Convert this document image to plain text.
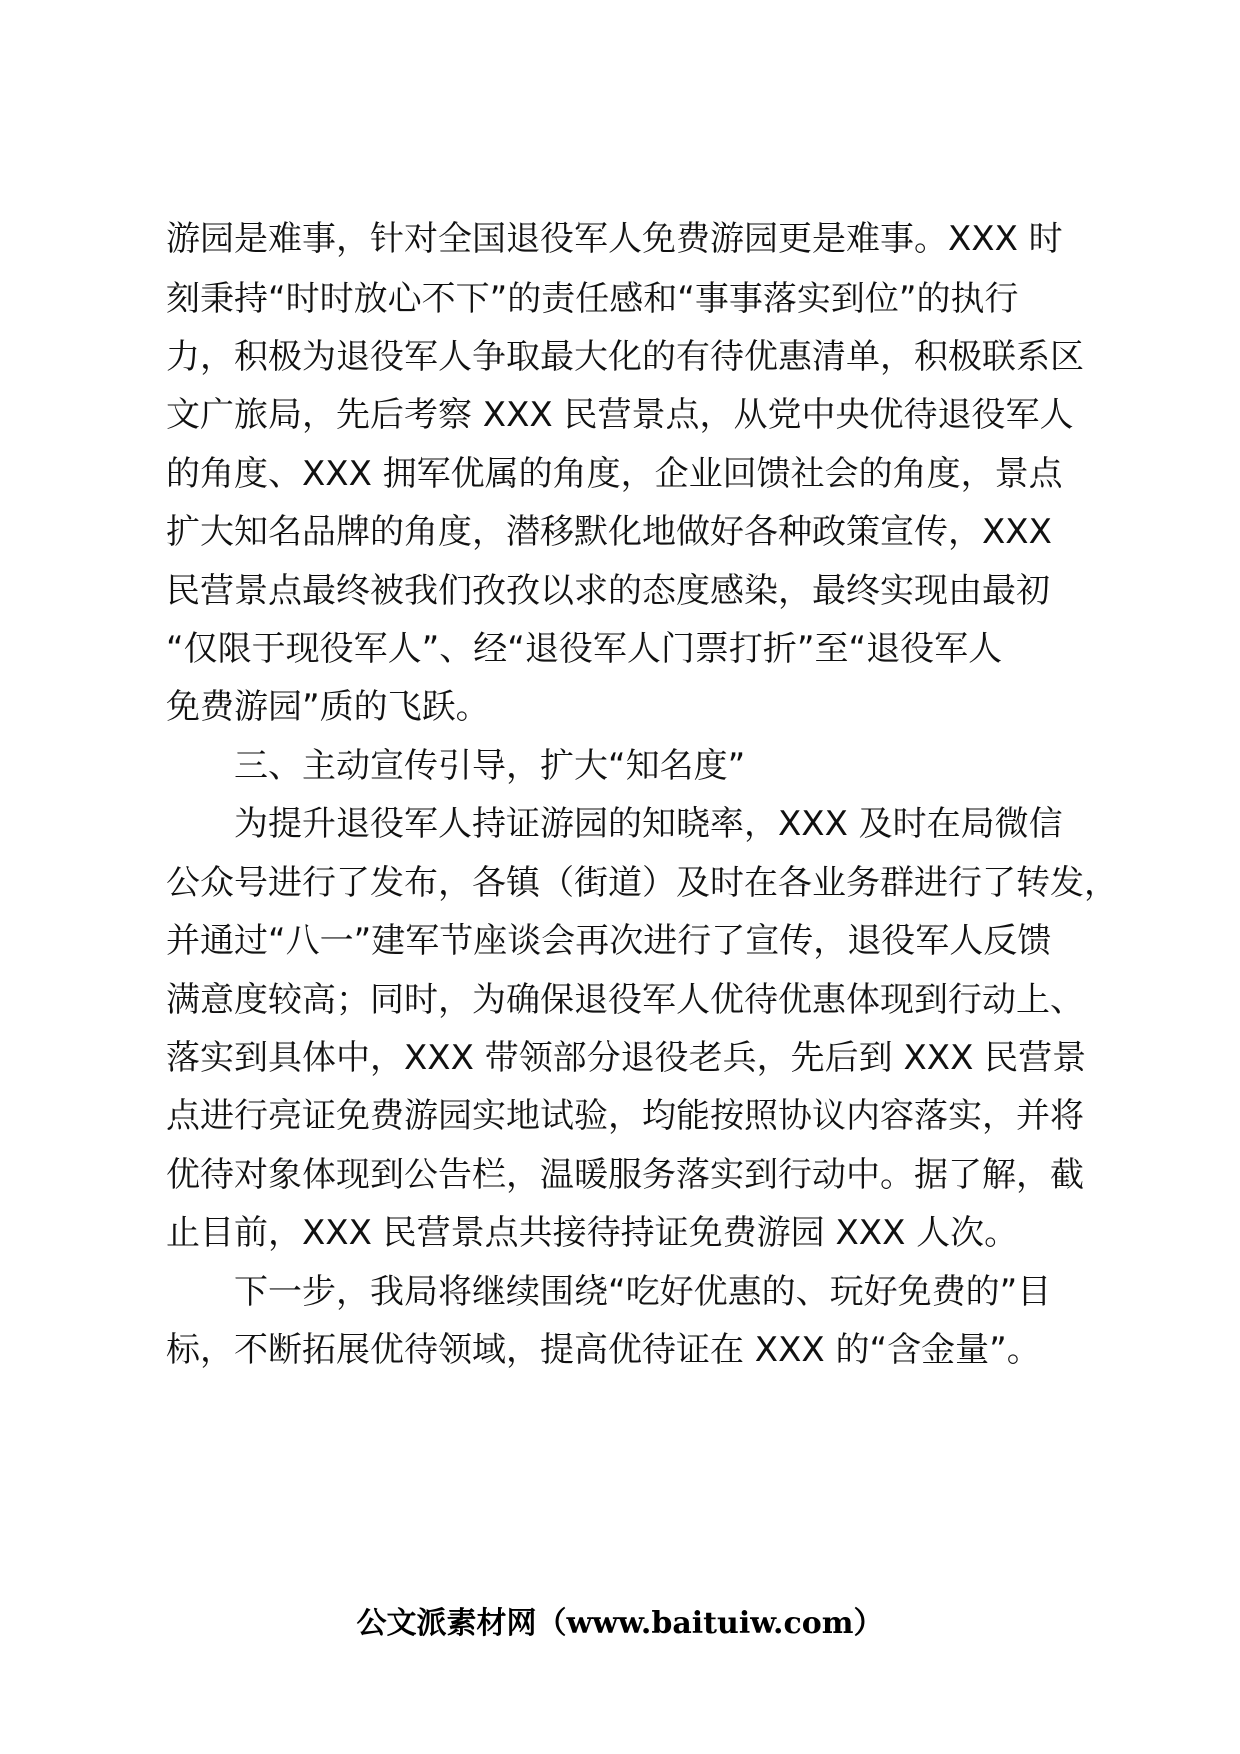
游园是难事，针对全国退役军人免费游园更是难事。XXX 时
刻秉持“时时放心不下”的责任感和“事事落实到位”的执行
力，积极为退役军人争取最大化的有待优惠清单，积极联系区
文广旅局，先后考察 XXX 民营景点，从党中央优待退役军人
的角度、XXX 拥军优属的角度，企业回馈社会的角度，景点
扩大知名品牌的角度，潜移默化地做好各种政策宣传，XXX
民营景点最终被我们孜孜以求的态度感染，最终实现由最初
“仅限于现役军人”、经“退役军人门票打折”至“退役军人
免费游园”质的飞跃。
三、主动宣传引导，扩大“知名度”
为提升退役军人持证游园的知晓率，XXX 及时在局微信
公众号进行了发布，各镇（街道）及时在各业务群进行了转发，
并通过“八一”建军节座谈会再次进行了宣传，退役军人反馈
满意度较高；同时，为确保退役军人优待优惠体现到行动上、
落实到具体中，XXX 带领部分退役老兵，先后到 XXX 民营景
点进行亮证免费游园实地试验，均能按照协议内容落实，并将
优待对象体现到公告栏，温暖服务落实到行动中。据了解，截
止目前，XXX 民营景点共接待持证免费游园 XXX 人次。
下一步，我局将继续围绕“吃好优惠的、玩好免费的”目
标，不断拓展优待领域，提高优待证在 XXX 的“含金量”。
公文派素材网（www.baituiw.com）
